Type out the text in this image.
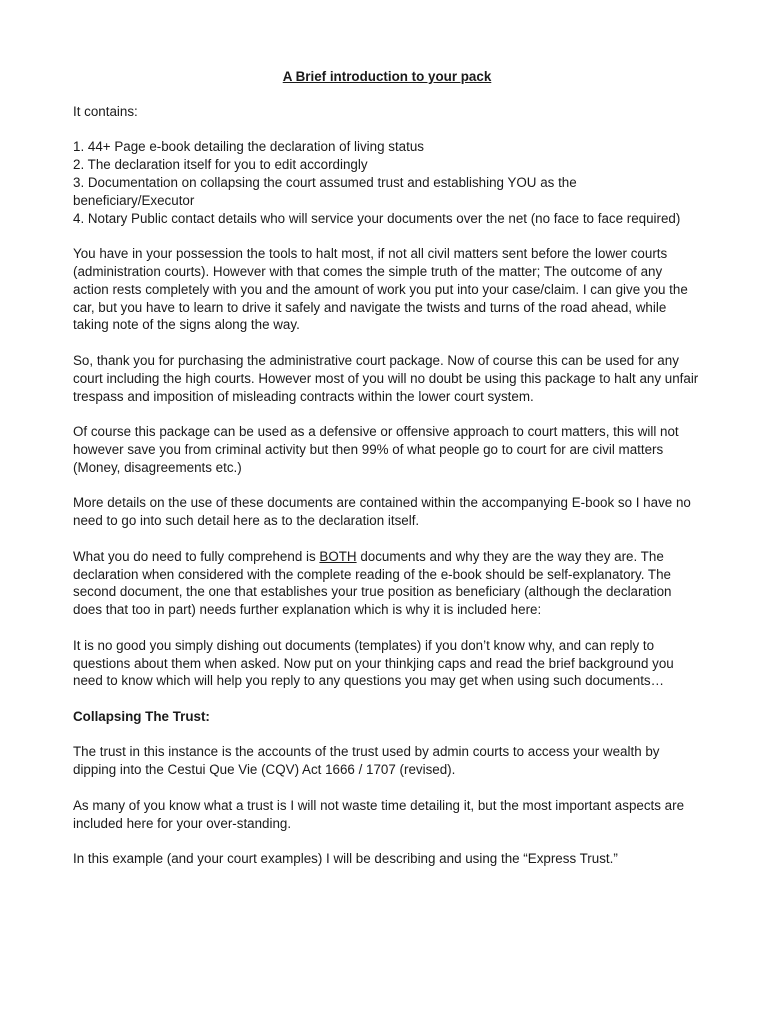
A Brief introduction to your pack

It contains:

1. 44+ Page e-book detailing the declaration of living status
2. The declaration itself for you to edit accordingly
3. Documentation on collapsing the court assumed trust and establishing YOU as the beneficiary/Executor
4. Notary Public contact details who will service your documents over the net (no face to face required)

You have in your possession the tools to halt most, if not all civil matters sent before the lower courts (administration courts). However with that comes the simple truth of the matter; The outcome of any action rests completely with you and the amount of work you put into your case/claim. I can give you the car, but you have to learn to drive it safely and navigate the twists and turns of the road ahead, while taking note of the signs along the way.

So, thank you for purchasing the administrative court package. Now of course this can be used for any court including the high courts. However most of you will no doubt be using this package to halt any unfair trespass and imposition of misleading contracts within the lower court system.

Of course this package can be used as a defensive or offensive approach to court matters, this will not however save you from criminal activity but then 99% of what people go to court for are civil matters (Money, disagreements etc.)

More details on the use of these documents are contained within the accompanying E-book so I have no need to go into such detail here as to the declaration itself.

What you do need to fully comprehend is BOTH documents and why they are the way they are. The declaration when considered with the complete reading of the e-book should be self-explanatory. The second document, the one that establishes your true position as beneficiary (although the declaration does that too in part) needs further explanation which is why it is included here:

It is no good you simply dishing out documents (templates) if you don’t know why, and can reply to questions about them when asked. Now put on your thinkjing caps and read the brief background you need to know which will help you reply to any questions you may get when using such documents…

Collapsing The Trust:

The trust in this instance is the accounts of the trust used by admin courts to access your wealth by dipping into the Cestui Que Vie (CQV) Act 1666 / 1707 (revised).

As many of you know what a trust is I will not waste time detailing it, but the most important aspects are included here for your over-standing.

In this example (and your court examples) I will be describing and using the “Express Trust.”
